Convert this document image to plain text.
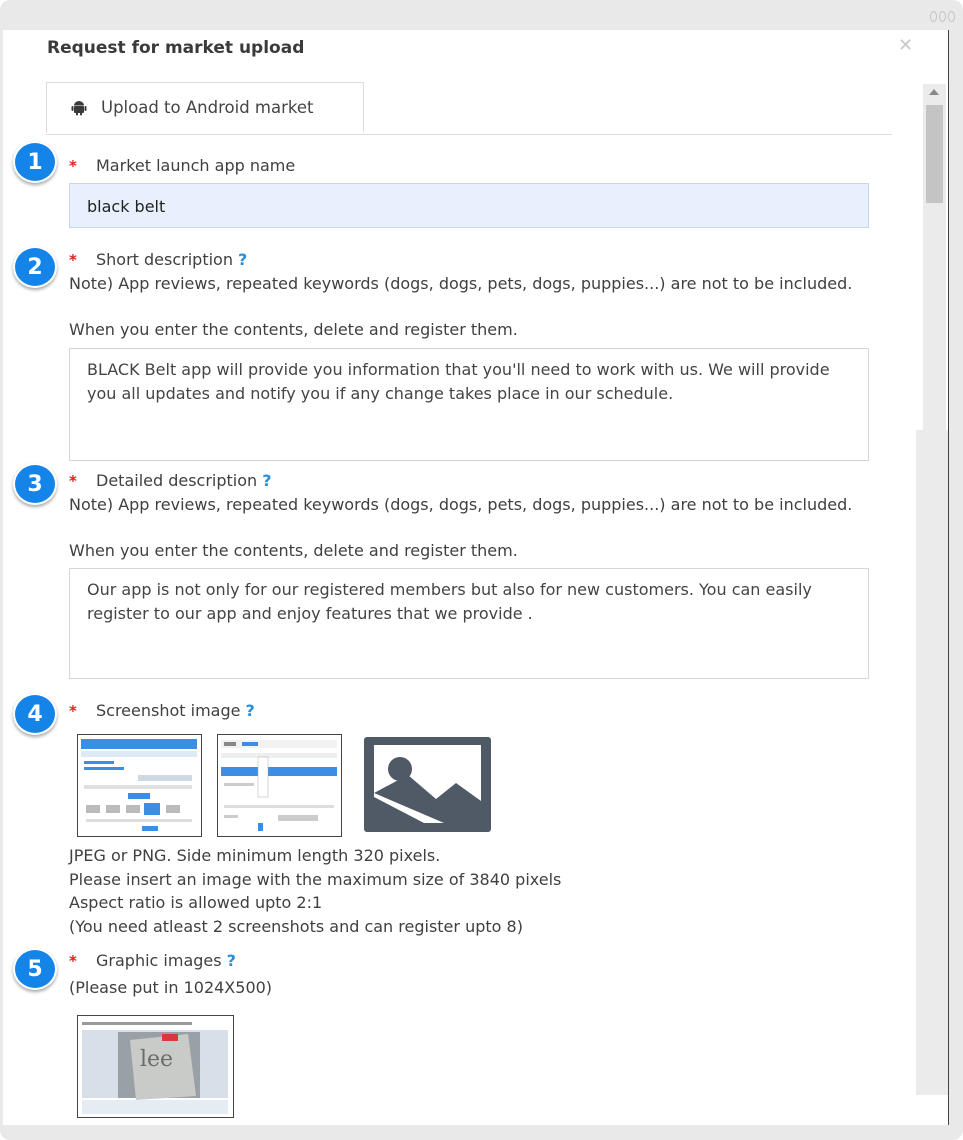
Request for market upload	✕
Upload to Android market
1	* Market launch app name
black belt
2	* Short description ?
Note) App reviews, repeated keywords (dogs, dogs, pets, dogs, puppies...) are not to be included.
When you enter the contents, delete and register them.
BLACK Belt app will provide you information that you'll need to work with us. We will provide you all updates and notify you if any change takes place in our schedule.
3	* Detailed description ?
Note) App reviews, repeated keywords (dogs, dogs, pets, dogs, puppies...) are not to be included.
When you enter the contents, delete and register them.
Our app is not only for our registered members but also for new customers. You can easily register to our app and enjoy features that we provide .
4	* Screenshot image ?
JPEG or PNG. Side minimum length 320 pixels.
Please insert an image with the maximum size of 3840 pixels
Aspect ratio is allowed upto 2:1
(You need atleast 2 screenshots and can register upto 8)
5	* Graphic images ?
(Please put in 1024X500)
lee
